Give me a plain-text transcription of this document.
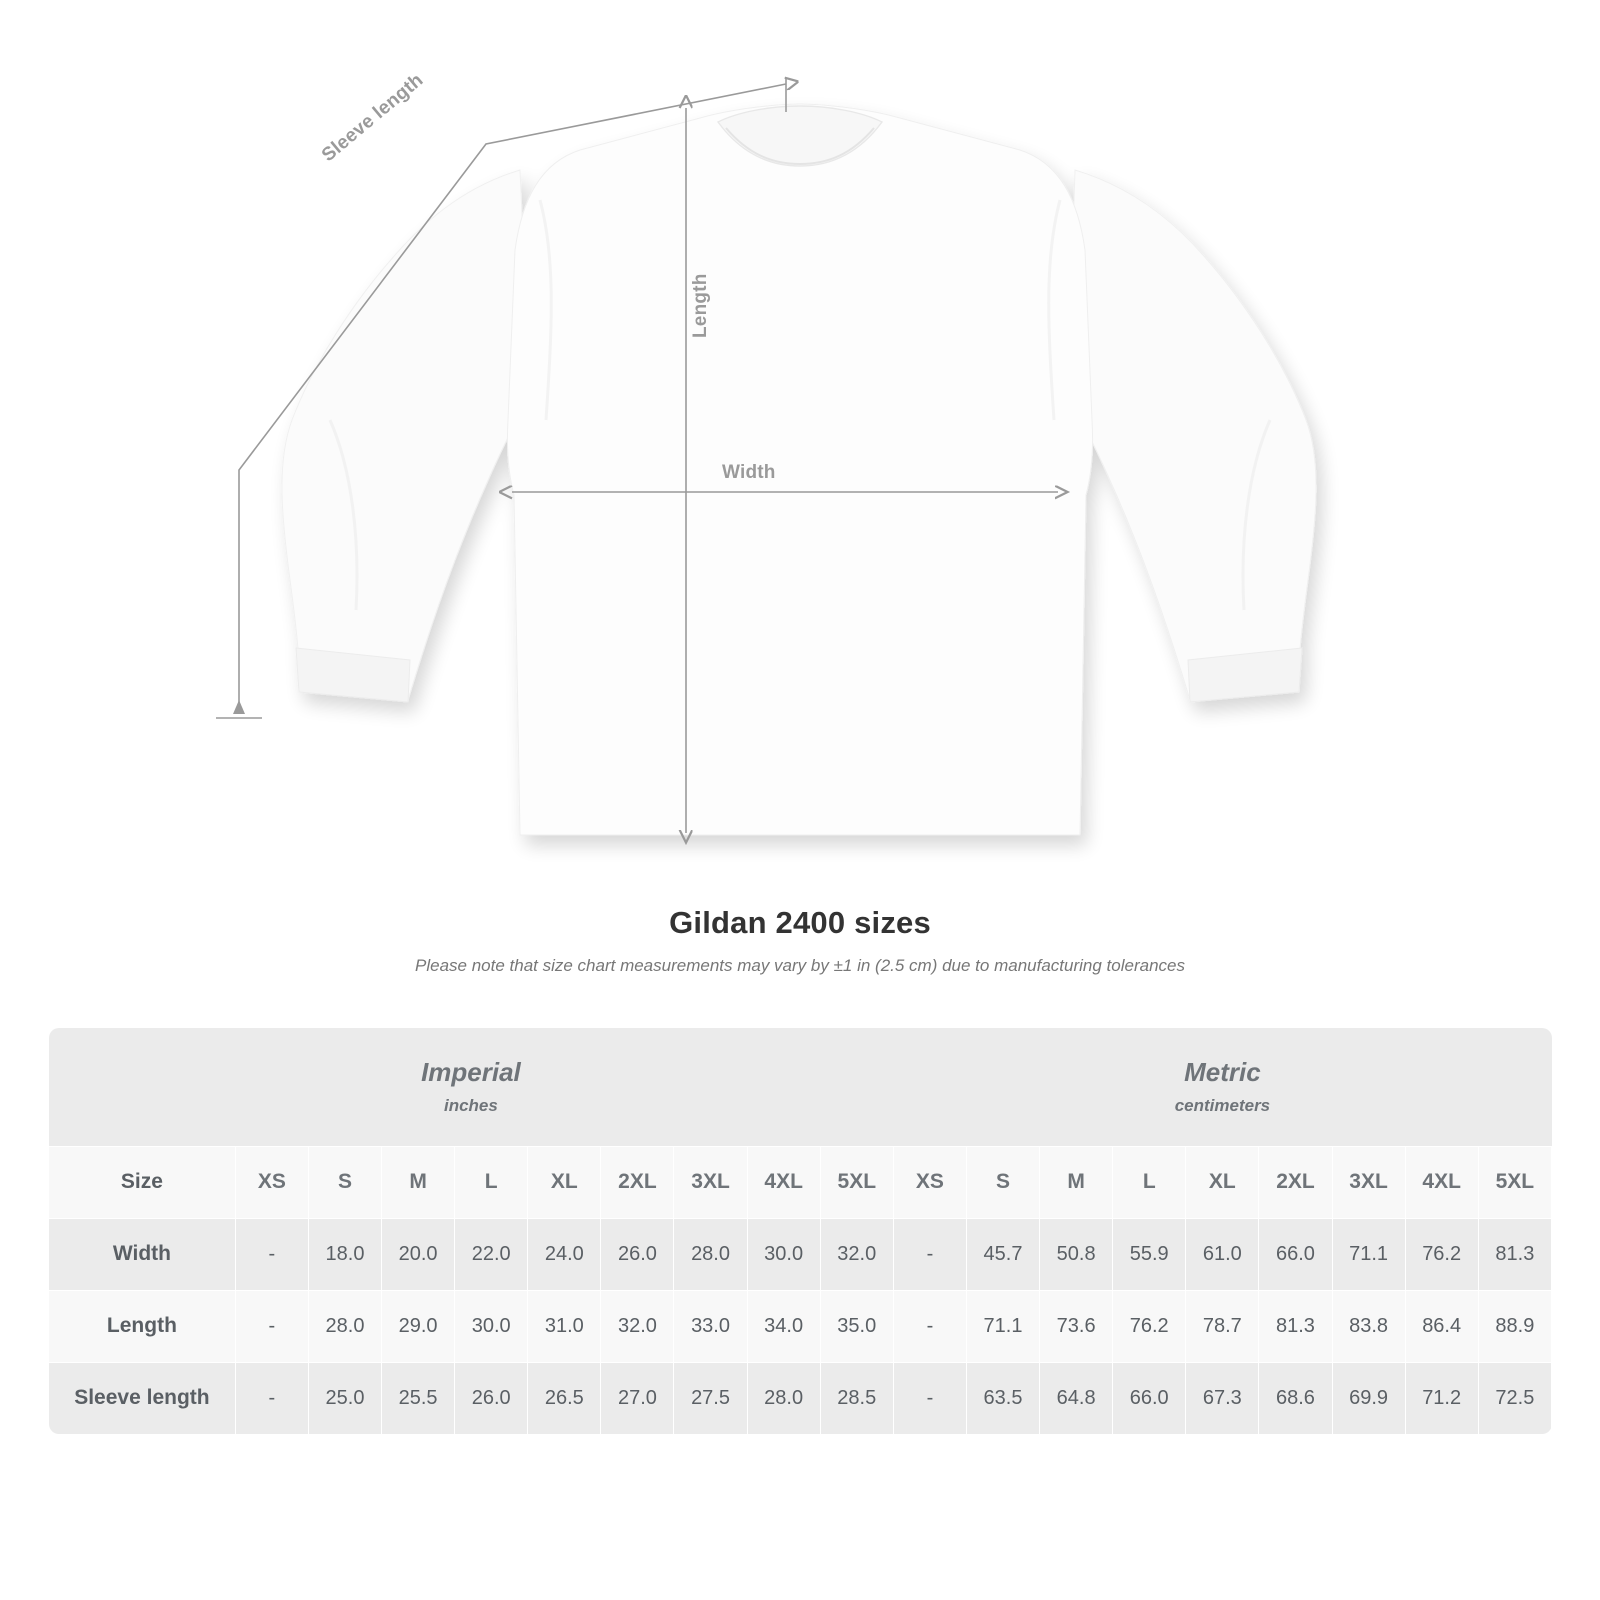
Width
Length
Sleeve length
Gildan 2400 sizes
Please note that size chart measurements may vary by ±1 in (2.5 cm) due to manufacturing tolerances
Imperial
inches										Metric
centimeters								

Size	XS	S	M	L	XL	2XL	3XL	4XL	5XL	XS	S	M	L	XL	2XL	3XL	4XL	5XL
Width	-	18.0	20.0	22.0	24.0	26.0	28.0	30.0	32.0	-	45.7	50.8	55.9	61.0	66.0	71.1	76.2	81.3
Length	-	28.0	29.0	30.0	31.0	32.0	33.0	34.0	35.0	-	71.1	73.6	76.2	78.7	81.3	83.8	86.4	88.9
Sleeve length	-	25.0	25.5	26.0	26.5	27.0	27.5	28.0	28.5	-	63.5	64.8	66.0	67.3	68.6	69.9	71.2	72.5
